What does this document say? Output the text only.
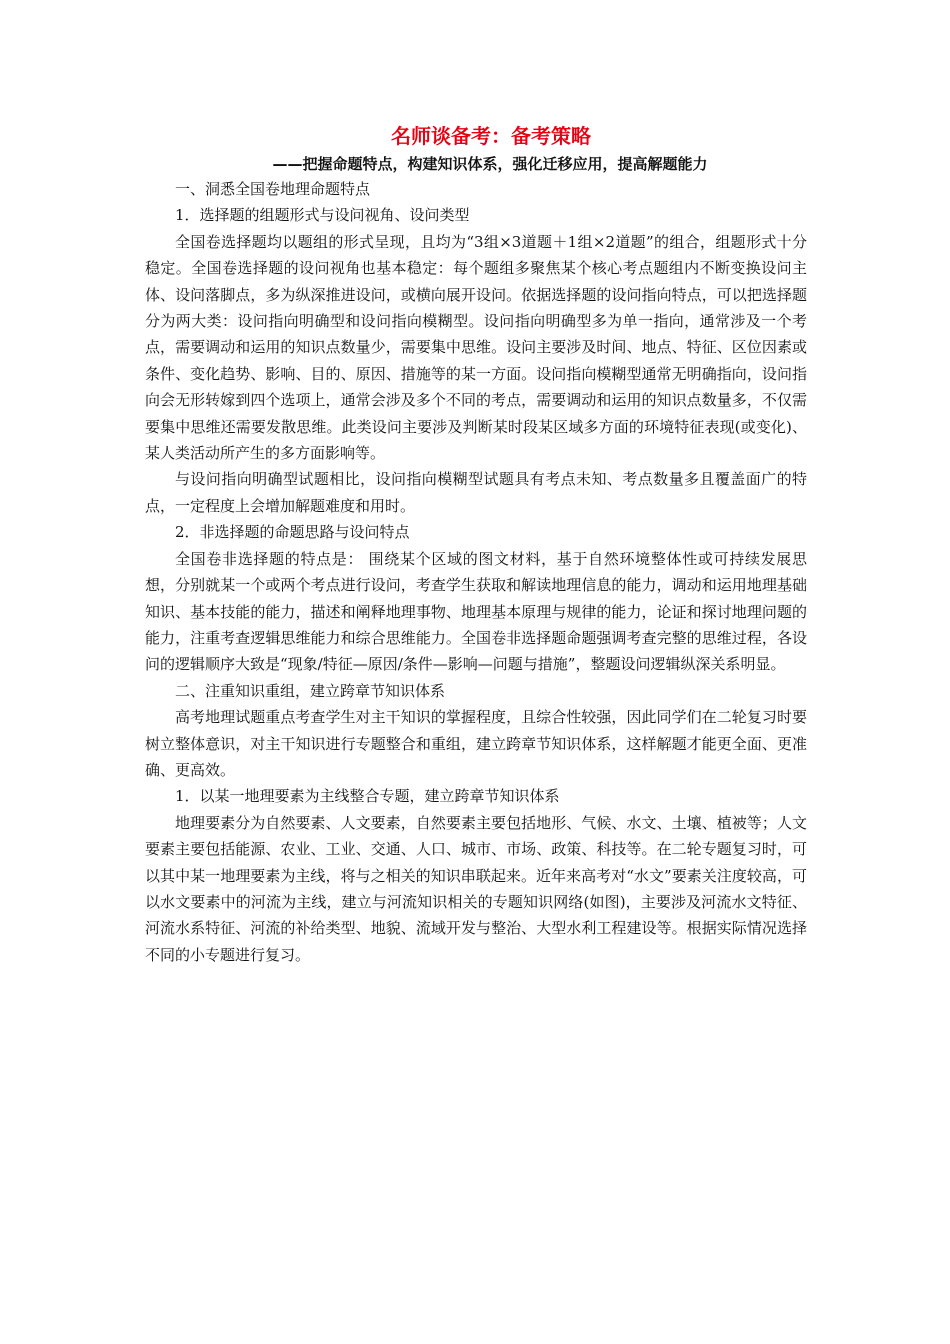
名师谈备考：备考策略
——把握命题特点，构建知识体系，强化迁移应用，提高解题能力

一、洞悉全国卷地理命题特点

1．选择题的组题形式与设问视角、设问类型

全国卷选择题均以题组的形式呈现，且均为“3组×3道题＋1组×2道题”的组合，组题形式十分稳定。全国卷选择题的设问视角也基本稳定：每个题组多聚焦某个核心考点题组内不断变换设问主体、设问落脚点，多为纵深推进设问，或横向展开设问。依据选择题的设问指向特点，可以把选择题分为两大类：设问指向明确型和设问指向模糊型。设问指向明确型多为单一指向，通常涉及一个考点，需要调动和运用的知识点数量少，需要集中思维。设问主要涉及时间、地点、特征、区位因素或条件、变化趋势、影响、目的、原因、措施等的某一方面。设问指向模糊型通常无明确指向，设问指向会无形转嫁到四个选项上，通常会涉及多个不同的考点，需要调动和运用的知识点数量多，不仅需要集中思维还需要发散思维。此类设问主要涉及判断某时段某区域多方面的环境特征表现(或变化)、某人类活动所产生的多方面影响等。

与设问指向明确型试题相比，设问指向模糊型试题具有考点未知、考点数量多且覆盖面广的特点，一定程度上会增加解题难度和用时。

2．非选择题的命题思路与设问特点

全国卷非选择题的特点是： 围绕某个区域的图文材料，基于自然环境整体性或可持续发展思想，分别就某一个或两个考点进行设问，考查学生获取和解读地理信息的能力，调动和运用地理基础知识、基本技能的能力，描述和阐释地理事物、地理基本原理与规律的能力，论证和探讨地理问题的能力，注重考查逻辑思维能力和综合思维能力。全国卷非选择题命题强调考查完整的思维过程，各设问的逻辑顺序大致是“现象/特征—原因/条件—影响—问题与措施”，整题设问逻辑纵深关系明显。

二、注重知识重组，建立跨章节知识体系

高考地理试题重点考查学生对主干知识的掌握程度，且综合性较强，因此同学们在二轮复习时要树立整体意识，对主干知识进行专题整合和重组，建立跨章节知识体系，这样解题才能更全面、更准确、更高效。

1．以某一地理要素为主线整合专题，建立跨章节知识体系

地理要素分为自然要素、人文要素，自然要素主要包括地形、气候、水文、土壤、植被等；人文要素主要包括能源、农业、工业、交通、人口、城市、市场、政策、科技等。在二轮专题复习时，可以其中某一地理要素为主线，将与之相关的知识串联起来。近年来高考对“水文”要素关注度较高，可以水文要素中的河流为主线，建立与河流知识相关的专题知识网络(如图)，主要涉及河流水文特征、河流水系特征、河流的补给类型、地貌、流域开发与整治、大型水利工程建设等。根据实际情况选择不同的小专题进行复习。
